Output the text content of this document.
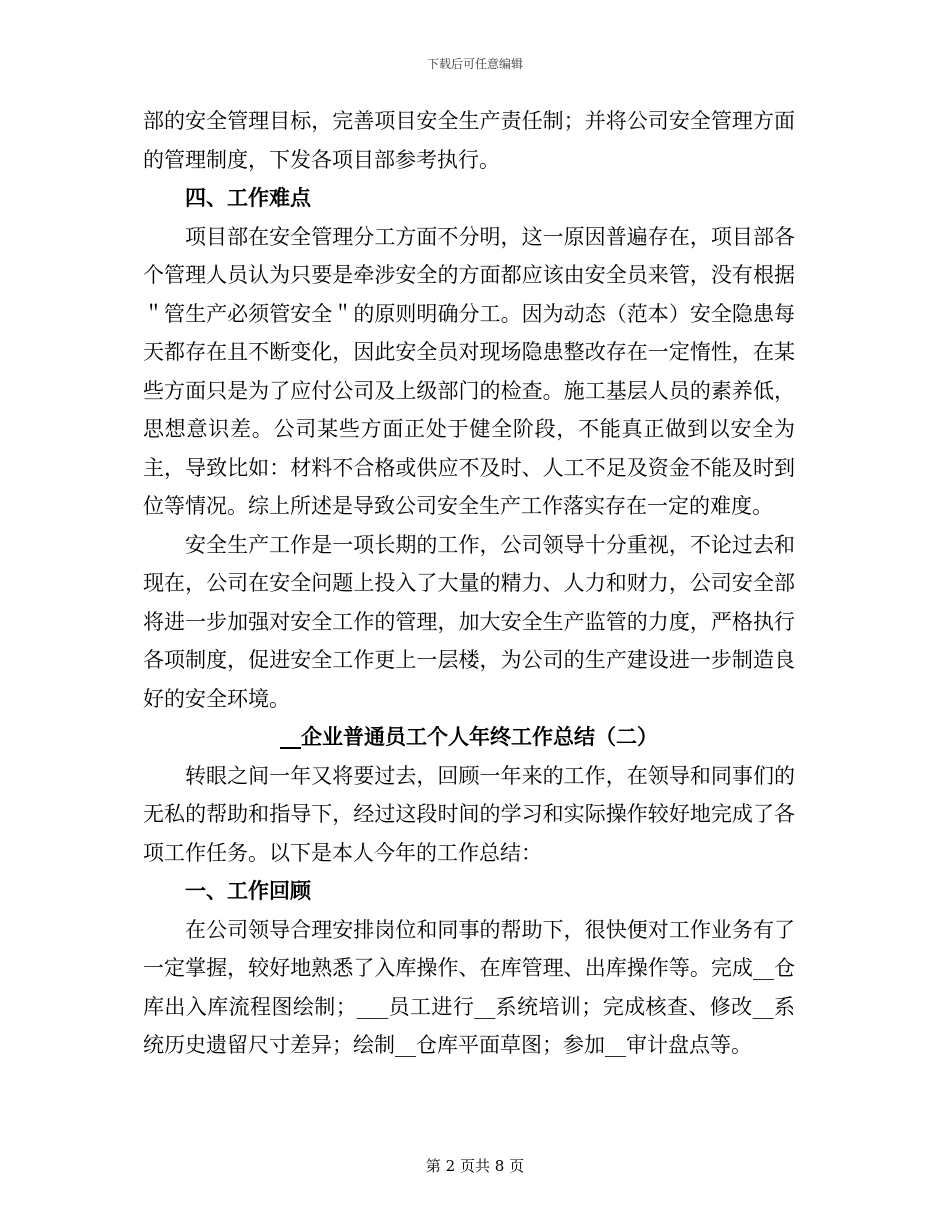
下载后可任意编辑

部的安全管理目标，完善项目安全生产责任制；并将公司安全管理方面的管理制度，下发各项目部参考执行。

四、工作难点

项目部在安全管理分工方面不分明，这一原因普遍存在，项目部各个管理人员认为只要是牵涉安全的方面都应该由安全员来管，没有根据＂管生产必须管安全＂的原则明确分工。因为动态（范本）安全隐患每天都存在且不断变化，因此安全员对现场隐患整改存在一定惰性，在某些方面只是为了应付公司及上级部门的检查。施工基层人员的素养低，思想意识差。公司某些方面正处于健全阶段，不能真正做到以安全为主，导致比如：材料不合格或供应不及时、人工不足及资金不能及时到位等情况。综上所述是导致公司安全生产工作落实存在一定的难度。

安全生产工作是一项长期的工作，公司领导十分重视，不论过去和现在，公司在安全问题上投入了大量的精力、人力和财力，公司安全部将进一步加强对安全工作的管理，加大安全生产监管的力度，严格执行各项制度，促进安全工作更上一层楼，为公司的生产建设进一步制造良好的安全环境。

__企业普通员工个人年终工作总结（二）

转眼之间一年又将要过去，回顾一年来的工作，在领导和同事们的无私的帮助和指导下，经过这段时间的学习和实际操作较好地完成了各项工作任务。以下是本人今年的工作总结：

一、工作回顾

在公司领导合理安排岗位和同事的帮助下，很快便对工作业务有了一定掌握，较好地熟悉了入库操作、在库管理、出库操作等。完成__仓库出入库流程图绘制；___员工进行__系统培训；完成核查、修改__系统历史遗留尺寸差异；绘制__仓库平面草图；参加__审计盘点等。

第 2 页共 8 页
